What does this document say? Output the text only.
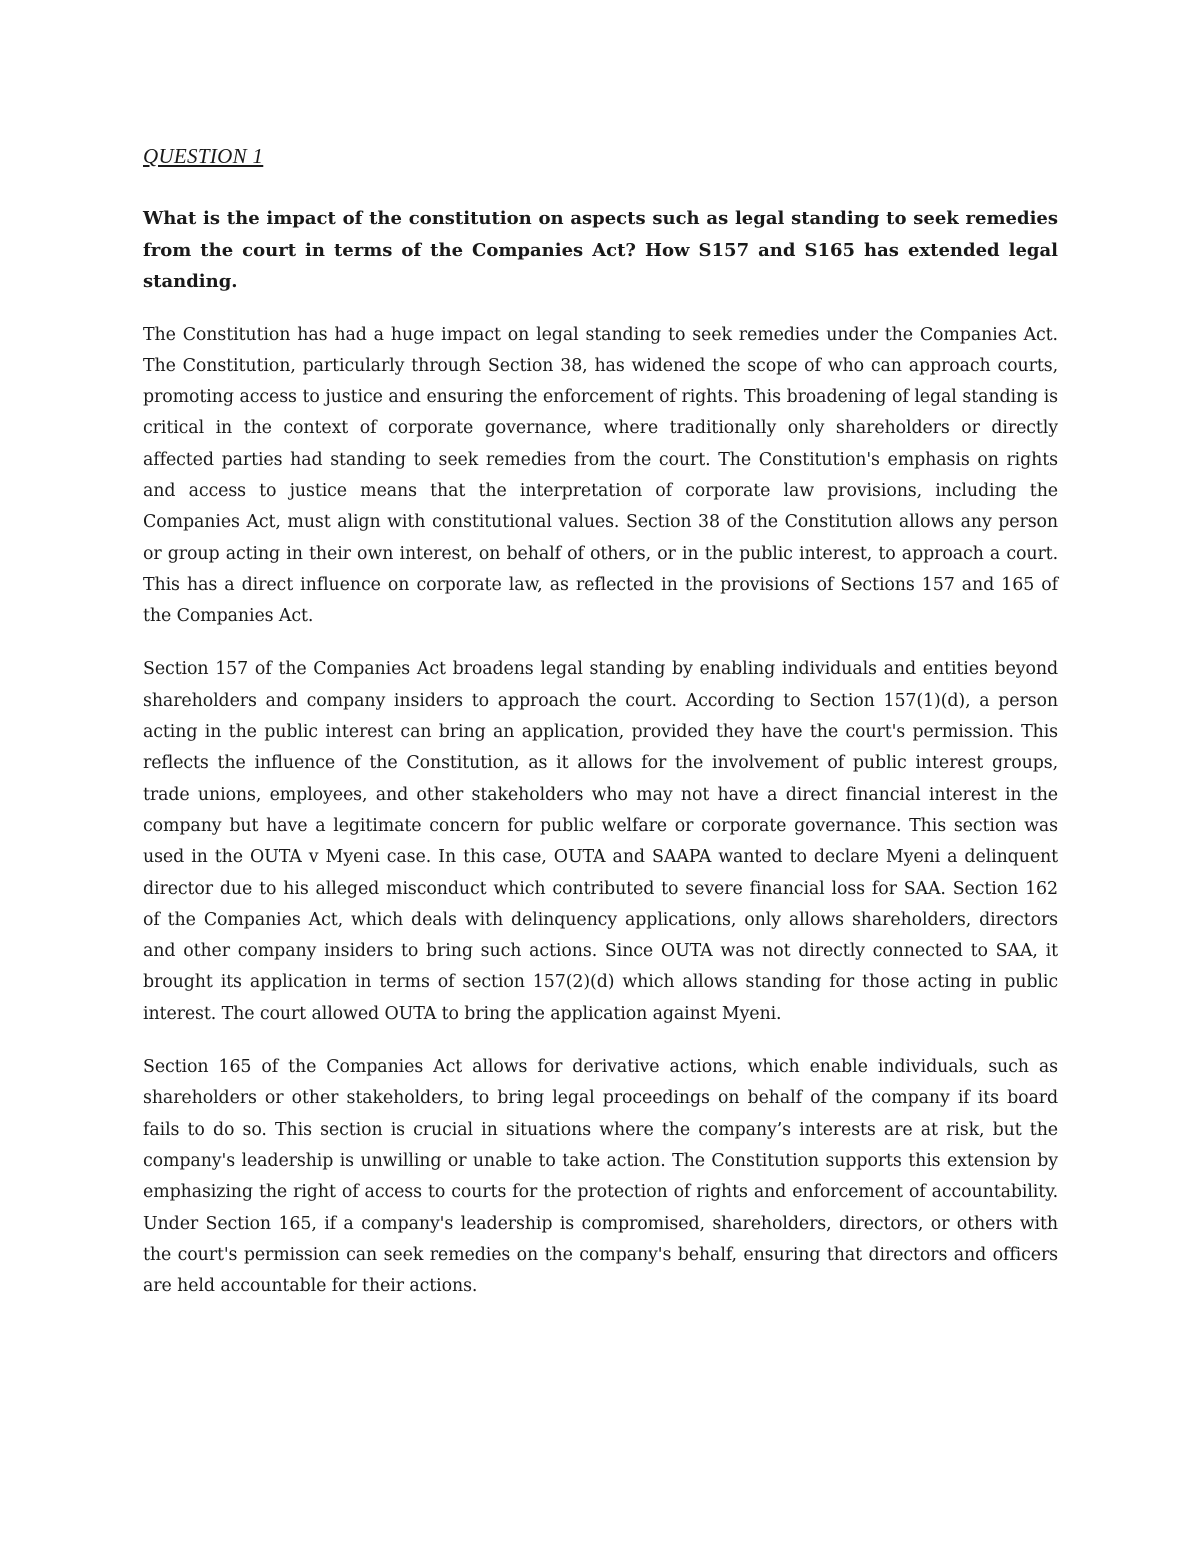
QUESTION 1

What is the impact of the constitution on aspects such as legal standing to seek remedies from the court in terms of the Companies Act? How S157 and S165 has extended legal standing.

The Constitution has had a huge impact on legal standing to seek remedies under the Companies Act. The Constitution, particularly through Section 38, has widened the scope of who can approach courts, promoting access to justice and ensuring the enforcement of rights. This broadening of legal standing is critical in the context of corporate governance, where traditionally only shareholders or directly affected parties had standing to seek remedies from the court. The Constitution's emphasis on rights and access to justice means that the interpretation of corporate law provisions, including the Companies Act, must align with constitutional values. Section 38 of the Constitution allows any person or group acting in their own interest, on behalf of others, or in the public interest, to approach a court. This has a direct influence on corporate law, as reflected in the provisions of Sections 157 and 165 of the Companies Act.

Section 157 of the Companies Act broadens legal standing by enabling individuals and entities beyond shareholders and company insiders to approach the court. According to Section 157(1)(d), a person acting in the public interest can bring an application, provided they have the court's permission. This reflects the influence of the Constitution, as it allows for the involvement of public interest groups, trade unions, employees, and other stakeholders who may not have a direct financial interest in the company but have a legitimate concern for public welfare or corporate governance. This section was used in the OUTA v Myeni case. In this case, OUTA and SAAPA wanted to declare Myeni a delinquent director due to his alleged misconduct which contributed to severe financial loss for SAA. Section 162 of the Companies Act, which deals with delinquency applications, only allows shareholders, directors and other company insiders to bring such actions. Since OUTA was not directly connected to SAA, it brought its application in terms of section 157(2)(d) which allows standing for those acting in public interest. The court allowed OUTA to bring the application against Myeni.

Section 165 of the Companies Act allows for derivative actions, which enable individuals, such as shareholders or other stakeholders, to bring legal proceedings on behalf of the company if its board fails to do so. This section is crucial in situations where the company’s interests are at risk, but the company's leadership is unwilling or unable to take action. The Constitution supports this extension by emphasizing the right of access to courts for the protection of rights and enforcement of accountability. Under Section 165, if a company's leadership is compromised, shareholders, directors, or others with the court's permission can seek remedies on the company's behalf, ensuring that directors and officers are held accountable for their actions.
